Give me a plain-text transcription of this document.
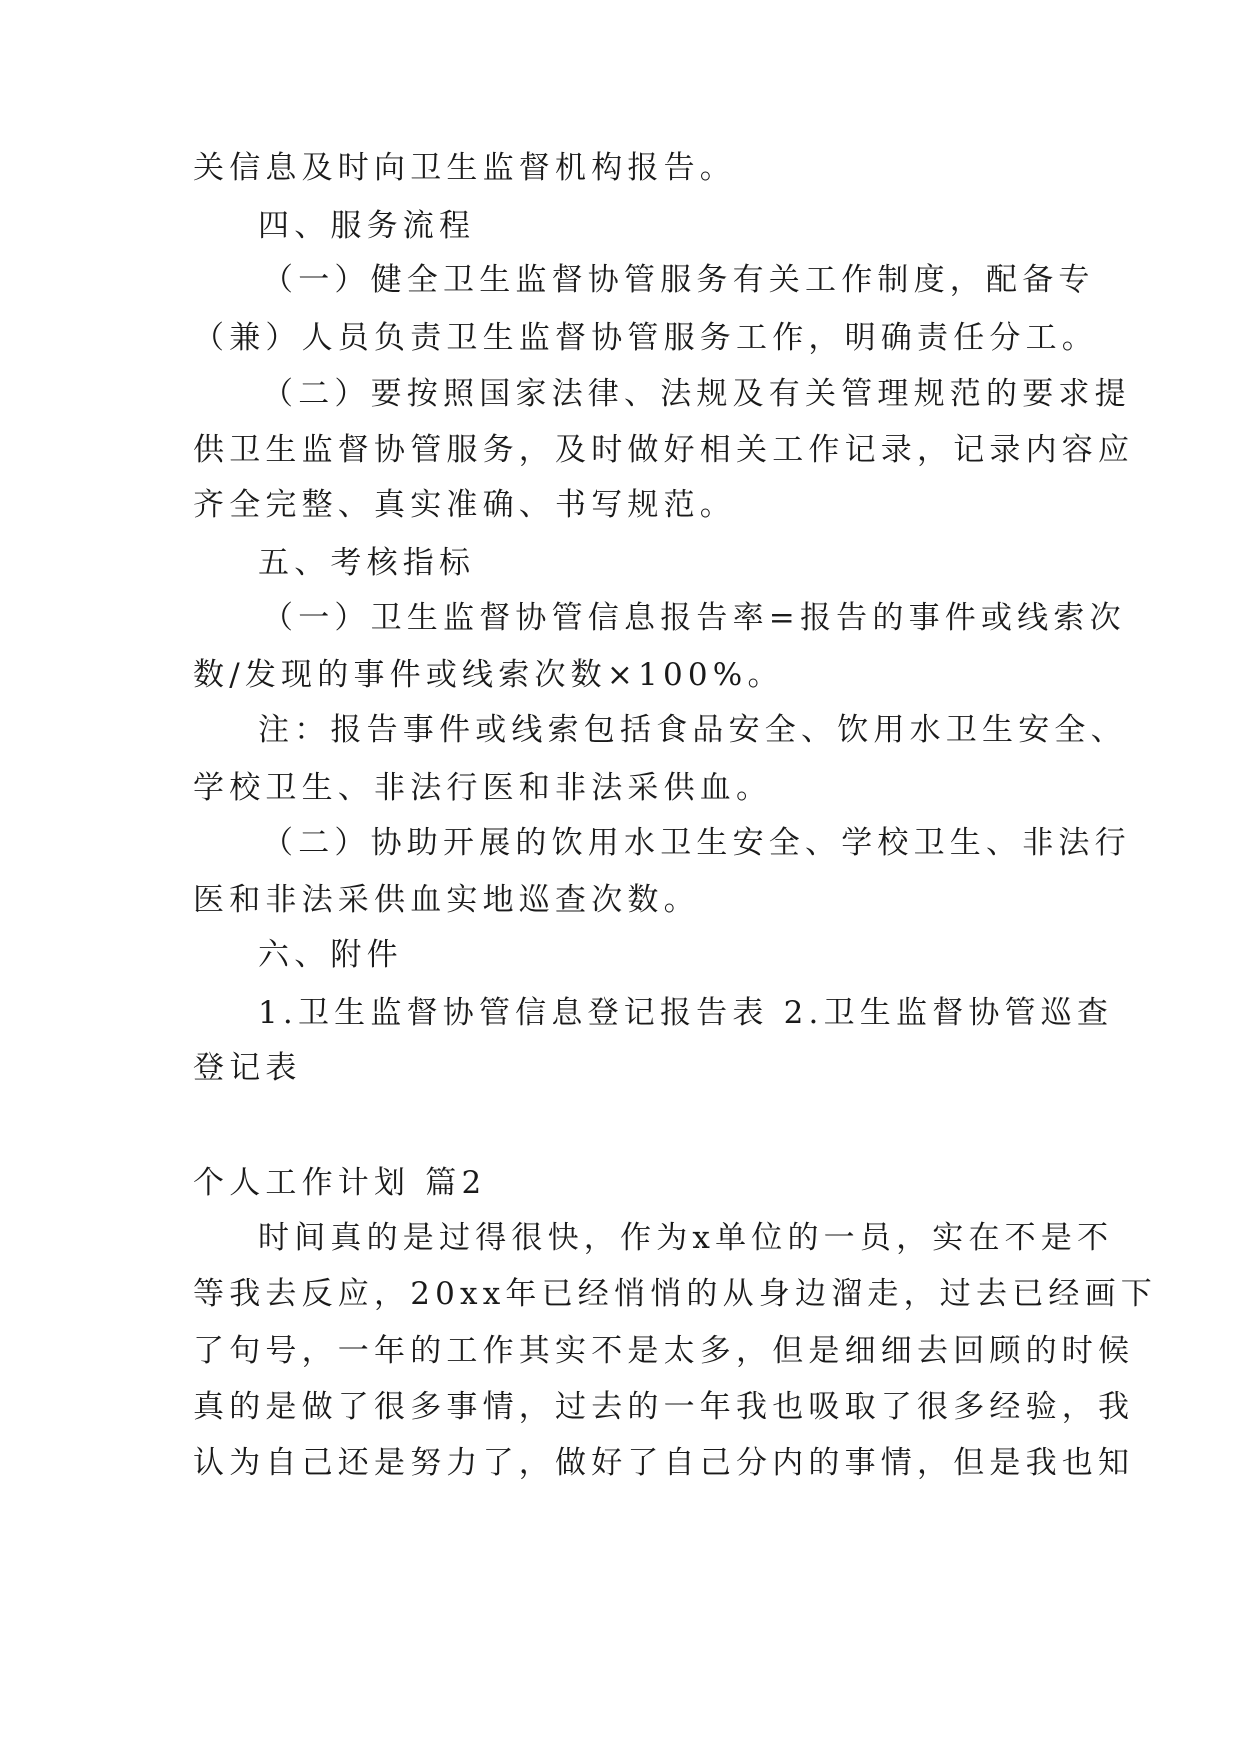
关信息及时向卫生监督机构报告。
四、服务流程
（一）健全卫生监督协管服务有关工作制度，配备专
（兼）人员负责卫生监督协管服务工作，明确责任分工。
（二）要按照国家法律、法规及有关管理规范的要求提
供卫生监督协管服务，及时做好相关工作记录，记录内容应
齐全完整、真实准确、书写规范。
五、考核指标
（一）卫生监督协管信息报告率=报告的事件或线索次
数/发现的事件或线索次数×100%。
注：报告事件或线索包括食品安全、饮用水卫生安全、
学校卫生、非法行医和非法采供血。
（二）协助开展的饮用水卫生安全、学校卫生、非法行
医和非法采供血实地巡查次数。
六、附件
1.卫生监督协管信息登记报告表 2.卫生监督协管巡查
登记表
个人工作计划 篇2
时间真的是过得很快，作为x单位的一员，实在不是不
等我去反应，20xx年已经悄悄的从身边溜走，过去已经画下
了句号，一年的工作其实不是太多，但是细细去回顾的时候
真的是做了很多事情，过去的一年我也吸取了很多经验，我
认为自己还是努力了，做好了自己分内的事情，但是我也知
